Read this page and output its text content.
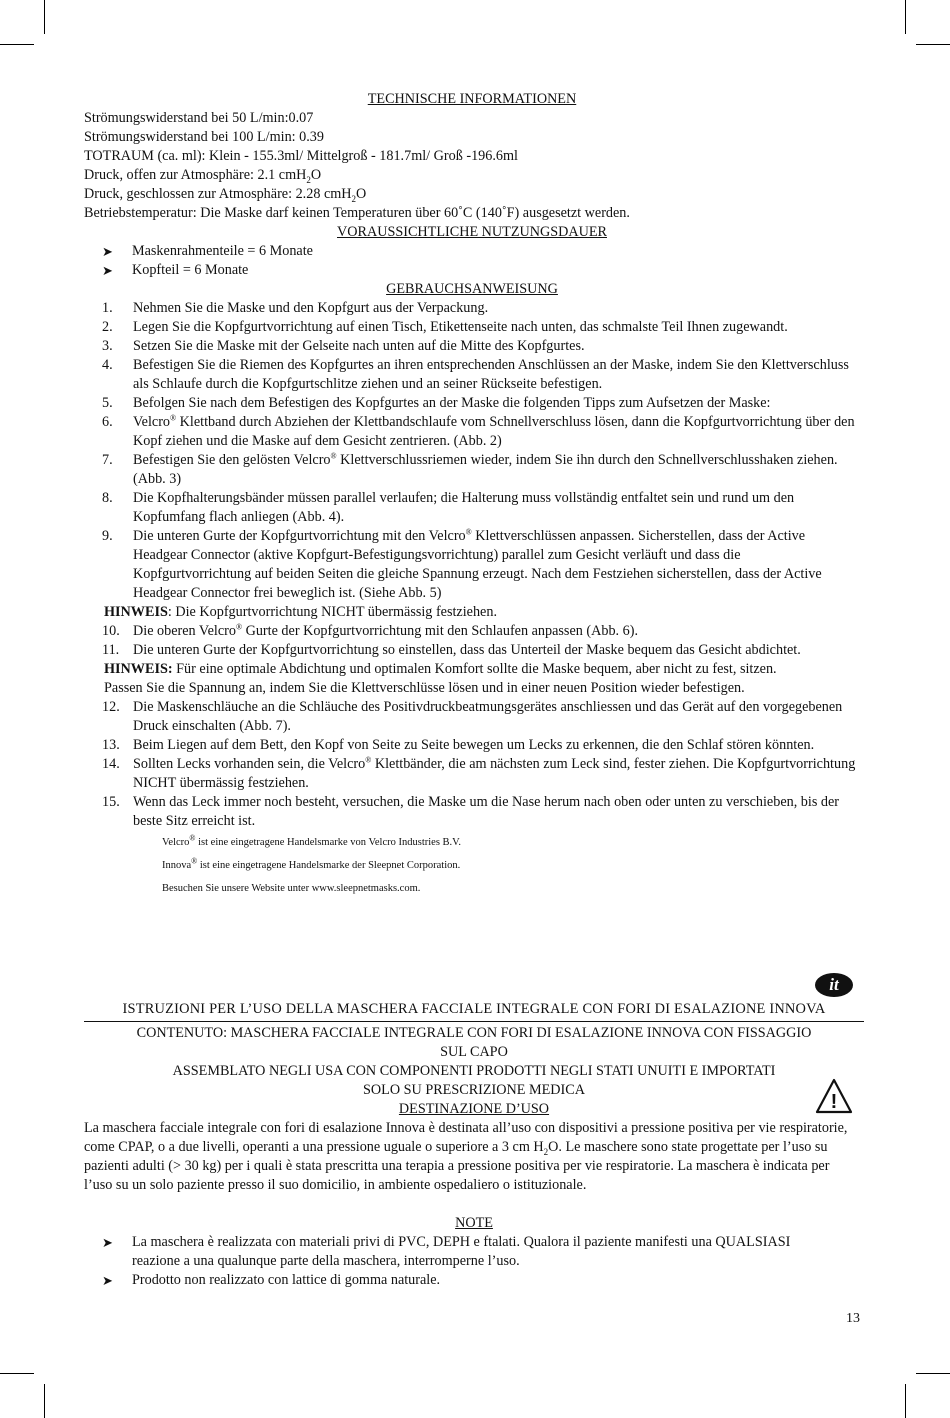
TECHNISCHE INFORMATIONEN
Strömungswiderstand bei 50 L/min:0.07
Strömungswiderstand bei 100 L/min: 0.39
TOTRAUM (ca. ml): Klein - 155.3ml/ Mittelgroß - 181.7ml/ Groß -196.6ml
Druck, offen zur Atmosphäre: 2.1 cmH$_2$O
Druck, geschlossen zur Atmosphäre: 2.28 cmH$_2$O
Betriebstemperatur: Die Maske darf keinen Temperaturen über 60˚C (140˚F) ausgesetzt werden.
VORAUSSICHTLICHE NUTZUNGSDAUER
➤ Maskenrahmenteile = 6 Monate
➤ Kopfteil = 6 Monate
GEBRAUCHSANWEISUNG
1. Nehmen Sie die Maske und den Kopfgurt aus der Verpackung.
2. Legen Sie die Kopfgurtvorrichtung auf einen Tisch, Etikettenseite nach unten, das schmalste Teil Ihnen zugewandt.
3. Setzen Sie die Maske mit der Gelseite nach unten auf die Mitte des Kopfgurtes.
4. Befestigen Sie die Riemen des Kopfgurtes an ihren entsprechenden Anschlüssen an der Maske, indem Sie den Klettverschluss als Schlaufe durch die Kopfgurtschlitze ziehen und an seiner Rückseite befestigen.
5. Befolgen Sie nach dem Befestigen des Kopfgurtes an der Maske die folgenden Tipps zum Aufsetzen der Maske:
6. Velcro® Klettband durch Abziehen der Klettbandschlaufe vom Schnellverschluss lösen, dann die Kopfgurtvorrichtung über den Kopf ziehen und die Maske auf dem Gesicht zentrieren. (Abb. 2)
7. Befestigen Sie den gelösten Velcro® Klettverschlussriemen wieder, indem Sie ihn durch den Schnellverschlusshaken ziehen. (Abb. 3)
8. Die Kopfhalterungsbänder müssen parallel verlaufen; die Halterung muss vollständig entfaltet sein und rund um den Kopfumfang flach anliegen (Abb. 4).
9. Die unteren Gurte der Kopfgurtvorrichtung mit den Velcro® Klettverschlüssen anpassen. Sicherstellen, dass der Active Headgear Connector (aktive Kopfgurt-Befestigungsvorrichtung) parallel zum Gesicht verläuft und dass die Kopfgurtvorrichtung auf beiden Seiten die gleiche Spannung erzeugt. Nach dem Festziehen sicherstellen, dass der Active Headgear Connector frei beweglich ist. (Siehe Abb. 5)
HINWEIS: Die Kopfgurtvorrichtung NICHT übermässig festziehen.
10. Die oberen Velcro® Gurte der Kopfgurtvorrichtung mit den Schlaufen anpassen (Abb. 6).
11. Die unteren Gurte der Kopfgurtvorrichtung so einstellen, dass das Unterteil der Maske bequem das Gesicht abdichtet.
HINWEIS: Für eine optimale Abdichtung und optimalen Komfort sollte die Maske bequem, aber nicht zu fest, sitzen.
Passen Sie die Spannung an, indem Sie die Klettverschlüsse lösen und in einer neuen Position wieder befestigen.
12. Die Maskenschläuche an die Schläuche des Positivdruckbeatmungsgerätes anschliessen und das Gerät auf den vorgegebenen Druck einschalten (Abb. 7).
13. Beim Liegen auf dem Bett, den Kopf von Seite zu Seite bewegen um Lecks zu erkennen, die den Schlaf stören könnten.
14. Sollten Lecks vorhanden sein, die Velcro® Klettbänder, die am nächsten zum Leck sind, fester ziehen. Die Kopfgurtvorrichtung NICHT übermässig festziehen.
15. Wenn das Leck immer noch besteht, versuchen, die Maske um die Nase herum nach oben oder unten zu verschieben, bis der beste Sitz erreicht ist.
Velcro® ist eine eingetragene Handelsmarke von Velcro Industries B.V.
Innova® ist eine eingetragene Handelsmarke der Sleepnet Corporation.
Besuchen Sie unsere Website unter www.sleepnetmasks.com.
it
ISTRUZIONI PER L’USO DELLA MASCHERA FACCIALE INTEGRALE CON FORI DI ESALAZIONE INNOVA
CONTENUTO: MASCHERA FACCIALE INTEGRALE CON FORI DI ESALAZIONE INNOVA CON FISSAGGIO
SUL CAPO
ASSEMBLATO NEGLI USA CON COMPONENTI PRODOTTI NEGLI STATI UNUITI E IMPORTATI
SOLO SU PRESCRIZIONE MEDICA
DESTINAZIONE D’USO
La maschera facciale integrale con fori di esalazione Innova è destinata all’uso con dispositivi a pressione positiva per vie respiratorie, come CPAP, o a due livelli, operanti a una pressione uguale o superiore a 3 cm $H_2O$. Le maschere sono state progettate per l’uso su pazienti adulti (> 30 kg) per i quali è stata prescritta una terapia a pressione positiva per vie respiratorie. La maschera è indicata per l’uso su un solo paziente presso il suo domicilio, in ambiente ospedaliero o istituzionale.
NOTE
➤ La maschera è realizzata con materiali privi di PVC, DEPH e ftalati. Qualora il paziente manifesti una QUALSIASI reazione a una qualunque parte della maschera, interromperne l’uso.
➤ Prodotto non realizzato con lattice di gomma naturale.
!
13
